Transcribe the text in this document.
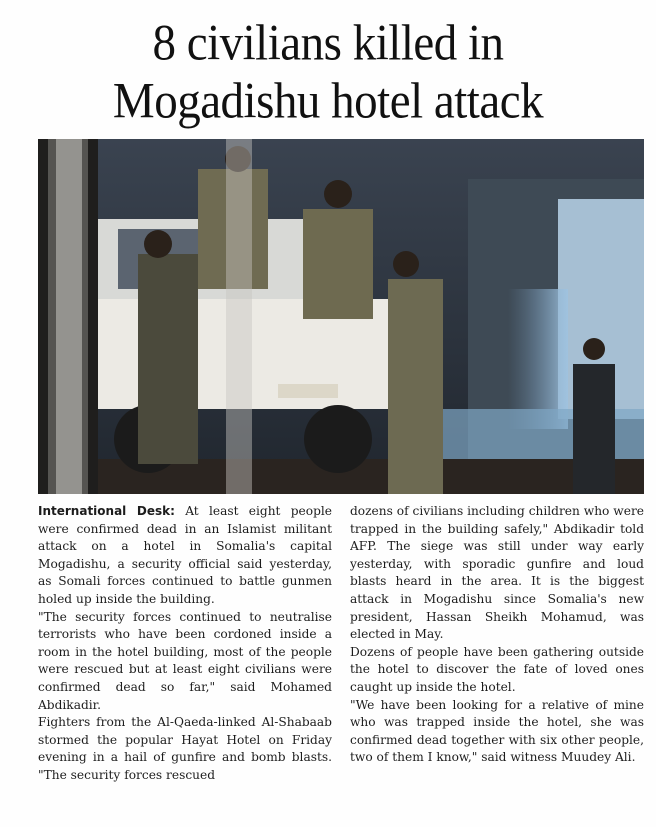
8 civilians killed in
Mogadishu hotel attack

International Desk: At least eight people were confirmed dead in an Islamist militant attack on a hotel in Somalia's capital Mogadishu, a security official said yesterday, as Somali forces continued to battle gunmen holed up inside the building.

"The security forces continued to neutralise terrorists who have been cordoned inside a room in the hotel building, most of the people were rescued but at least eight civilians were confirmed dead so far," said Mohamed Abdikadir.

Fighters from the Al-Qaeda-linked Al-Shabaab stormed the popular Hayat Hotel on Friday evening in a hail of gunfire and bomb blasts. "The security forces rescued

dozens of civilians including children who were trapped in the building safely," Abdikadir told AFP. The siege was still under way early yesterday, with sporadic gunfire and loud blasts heard in the area. It is the biggest attack in Mogadishu since Somalia's new president, Hassan Sheikh Mohamud, was elected in May.

Dozens of people have been gathering outside the hotel to discover the fate of loved ones caught up inside the hotel.

"We have been looking for a relative of mine who was trapped inside the hotel, she was confirmed dead together with six other people, two of them I know," said witness Muudey Ali.
